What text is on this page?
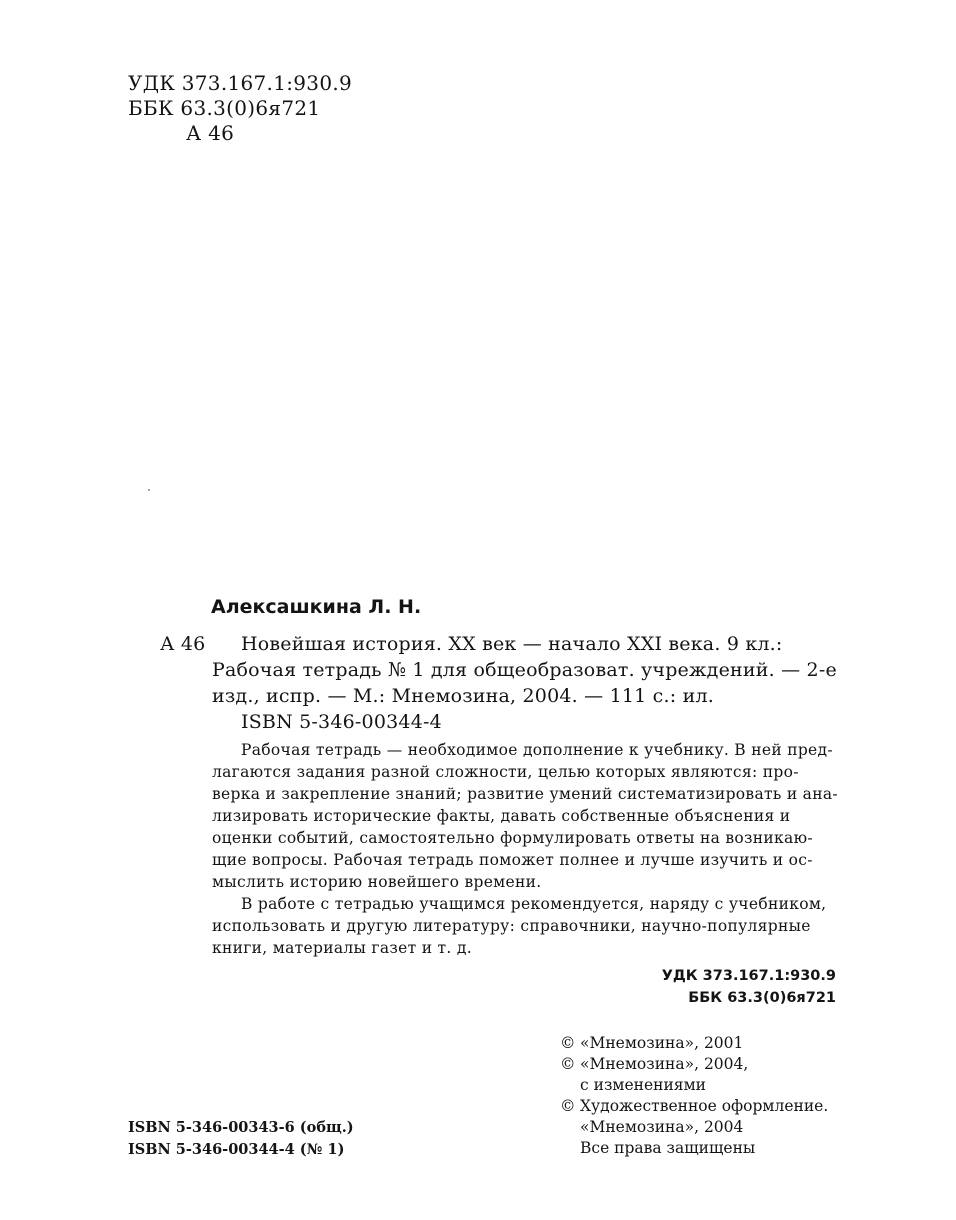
УДК 373.167.1:930.9
ББК 63.3(0)6я721
А 46
Алексашкина Л. Н.
А 46 Новейшая история. XX век — начало XXI века. 9 кл.:
Рабочая тетрадь № 1 для общеобразоват. учреждений. — 2-е
изд., испр. — М.: Мнемозина, 2004. — 111 с.: ил.
ISBN 5-346-00344-4
Рабочая тетрадь — необходимое дополнение к учебнику. В ней пред-
лагаются задания разной сложности, целью которых являются: про-
верка и закрепление знаний; развитие умений систематизировать и ана-
лизировать исторические факты, давать собственные объяснения и
оценки событий, самостоятельно формулировать ответы на возникаю-
щие вопросы. Рабочая тетрадь поможет полнее и лучше изучить и ос-
мыслить историю новейшего времени.
В работе с тетрадью учащимся рекомендуется, наряду с учебником,
использовать и другую литературу: справочники, научно-популярные
книги, материалы газет и т. д.
УДК 373.167.1:930.9
ББК 63.3(0)6я721
© «Мнемозина», 2001
© «Мнемозина», 2004,
с изменениями
© Художественное оформление.
«Мнемозина», 2004
Все права защищены
ISBN 5-346-00343-6 (общ.)
ISBN 5-346-00344-4 (№ 1)
